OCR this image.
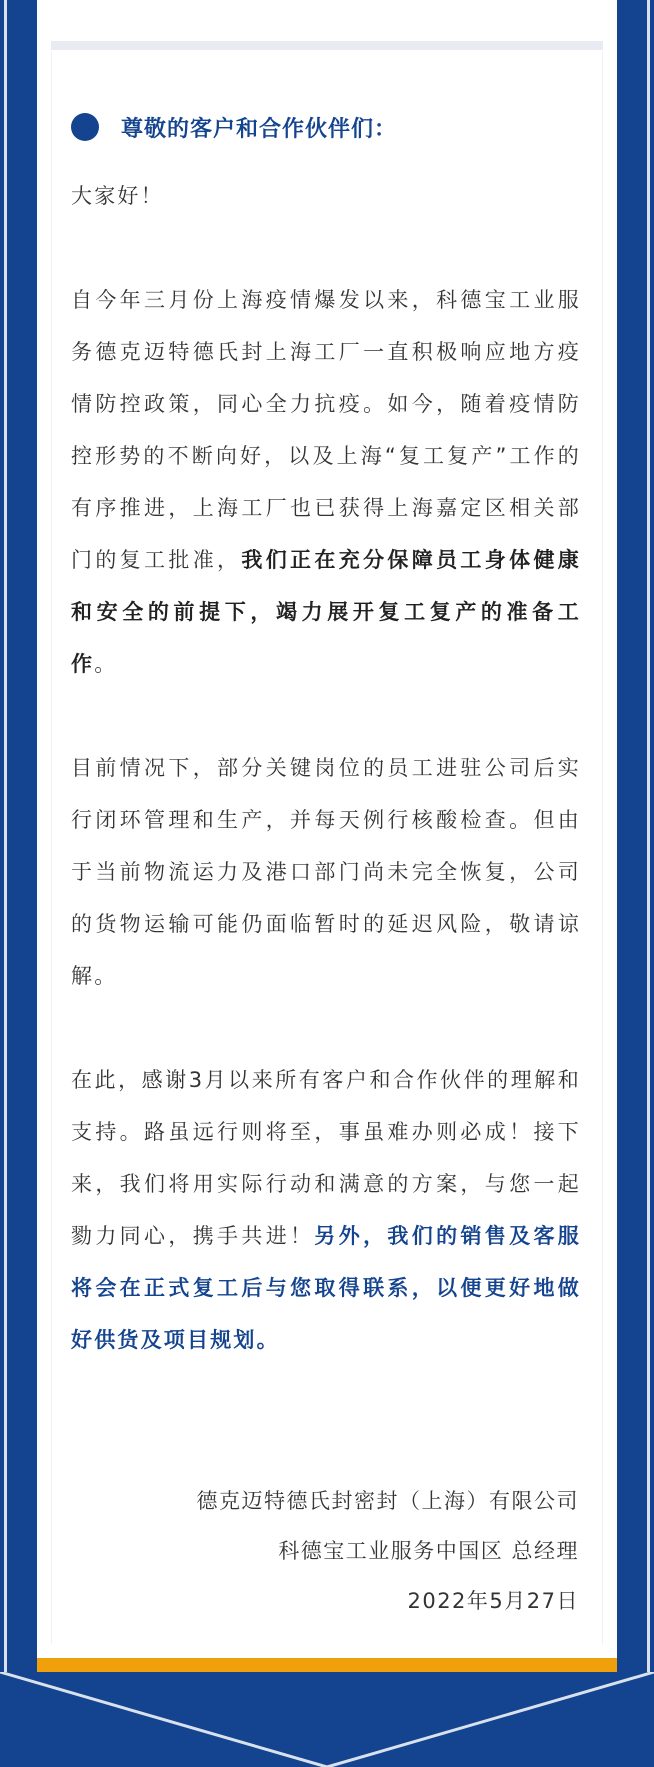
尊敬的客户和合作伙伴们：

大家好！

自今年三月份上海疫情爆发以来，科德宝工业服务德克迈特德氏封上海工厂一直积极响应地方疫情防控政策，同心全力抗疫。如今，随着疫情防控形势的不断向好，以及上海“复工复产”工作的有序推进，上海工厂也已获得上海嘉定区相关部门的复工批准，我们正在充分保障员工身体健康和安全的前提下，竭力展开复工复产的准备工作。

目前情况下，部分关键岗位的员工进驻公司后实行闭环管理和生产，并每天例行核酸检查。但由于当前物流运力及港口部门尚未完全恢复，公司的货物运输可能仍面临暂时的延迟风险，敬请谅解。

在此，感谢3月以来所有客户和合作伙伴的理解和支持。路虽远行则将至，事虽难办则必成！接下来，我们将用实际行动和满意的方案，与您一起勠力同心，携手共进！另外，我们的销售及客服将会在正式复工后与您取得联系，以便更好地做好供货及项目规划。

德克迈特德氏封密封（上海）有限公司
科德宝工业服务中国区 总经理
2022年5月27日
